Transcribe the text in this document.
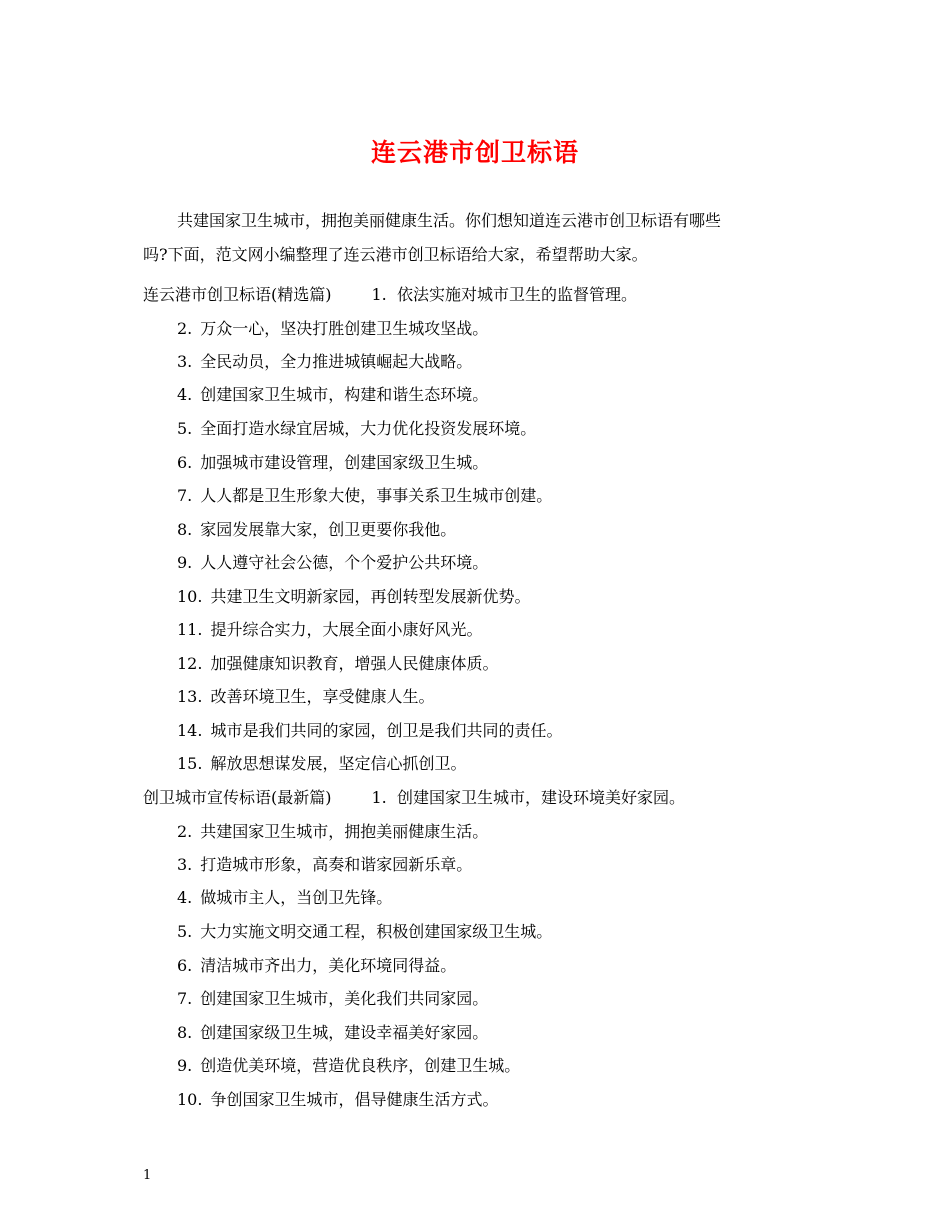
连云港市创卫标语
共建国家卫生城市，拥抱美丽健康生活。你们想知道连云港市创卫标语有哪些
吗?下面，范文网小编整理了连云港市创卫标语给大家，希望帮助大家。
连云港市创卫标语(精选篇)	1. 依法实施对城市卫生的监督管理。
2. 万众一心，坚决打胜创建卫生城攻坚战。
3. 全民动员，全力推进城镇崛起大战略。
4. 创建国家卫生城市，构建和谐生态环境。
5. 全面打造水绿宜居城，大力优化投资发展环境。
6. 加强城市建设管理，创建国家级卫生城。
7. 人人都是卫生形象大使，事事关系卫生城市创建。
8. 家园发展靠大家，创卫更要你我他。
9. 人人遵守社会公德，个个爱护公共环境。
10. 共建卫生文明新家园，再创转型发展新优势。
11. 提升综合实力，大展全面小康好风光。
12. 加强健康知识教育，增强人民健康体质。
13. 改善环境卫生，享受健康人生。
14. 城市是我们共同的家园，创卫是我们共同的责任。
15. 解放思想谋发展，坚定信心抓创卫。
创卫城市宣传标语(最新篇)	1. 创建国家卫生城市，建设环境美好家园。
2. 共建国家卫生城市，拥抱美丽健康生活。
3. 打造城市形象，高奏和谐家园新乐章。
4. 做城市主人，当创卫先锋。
5. 大力实施文明交通工程，积极创建国家级卫生城。
6. 清洁城市齐出力，美化环境同得益。
7. 创建国家卫生城市，美化我们共同家园。
8. 创建国家级卫生城，建设幸福美好家园。
9. 创造优美环境，营造优良秩序，创建卫生城。
10. 争创国家卫生城市，倡导健康生活方式。
1
